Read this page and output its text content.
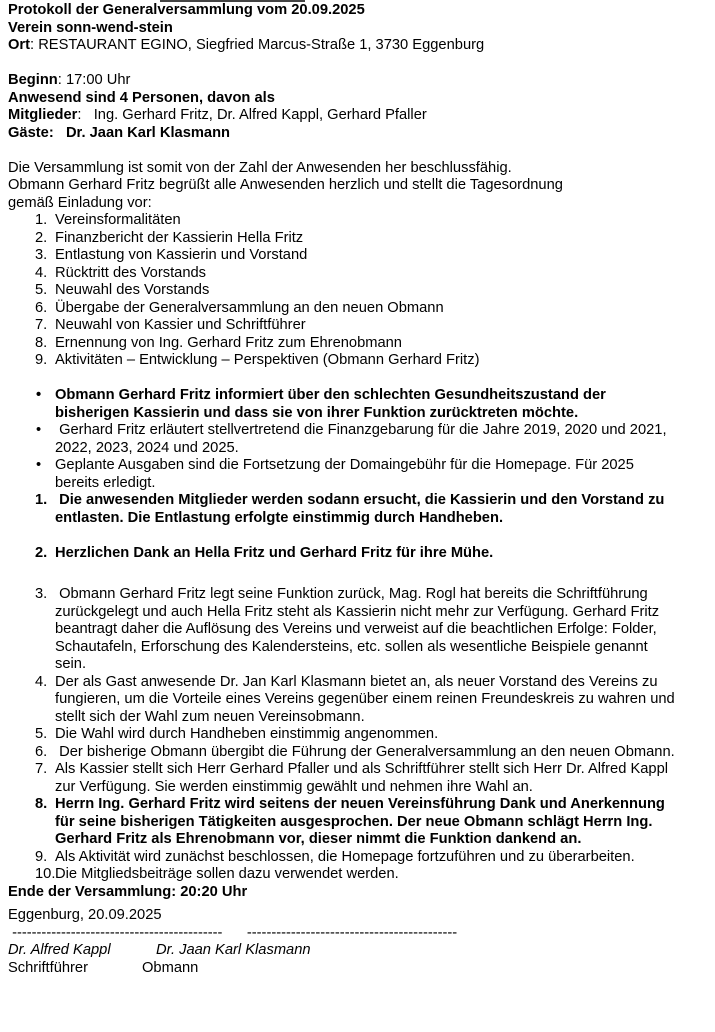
Protokoll der Generalversammlung vom 20.09.2025

Verein sonn-wend-stein

Ort: RESTAURANT EGINO, Siegfried Marcus-Straße 1, 3730 Eggenburg

Beginn: 17:00 Uhr

Anwesend sind 4 Personen, davon als

Mitglieder:   Ing. Gerhard Fritz, Dr. Alfred Kappl, Gerhard Pfaller

Gäste:   Dr. Jaan Karl Klasmann

Die Versammlung ist somit von der Zahl der Anwesenden her beschlussfähig.

Obmann Gerhard Fritz begrüßt alle Anwesenden herzlich und stellt die Tagesordnung

gemäß Einladung vor:

Vereinsformalitäten
Finanzbericht der Kassierin Hella Fritz
Entlastung von Kassierin und Vorstand
Rücktritt des Vorstands
Neuwahl des Vorstands
Übergabe der Generalversammlung an den neuen Obmann
Neuwahl von Kassier und Schriftführer
Ernennung von Ing. Gerhard Fritz zum Ehrenobmann
Aktivitäten – Entwicklung – Perspektiven (Obmann Gerhard Fritz)
• Obmann Gerhard Fritz informiert über den schlechten Gesundheitszustand der bisherigen Kassierin und dass sie von ihrer Funktion zurücktreten möchte.
•  Gerhard Fritz erläutert stellvertretend die Finanzgebarung für die Jahre 2019, 2020 und 2021, 2022, 2023, 2024 und 2025.
• Geplante Ausgaben sind die Fortsetzung der Domaingebühr für die Homepage. Für 2025 bereits erledigt.
Die anwesenden Mitglieder werden sodann ersucht, die Kassierin und den Vorstand zu entlasten. Die Entlastung erfolgte einstimmig durch Handheben.
Herzlichen Dank an Hella Fritz und Gerhard Fritz für ihre Mühe.
Obmann Gerhard Fritz legt seine Funktion zurück, Mag. Rogl hat bereits die Schriftführung zurückgelegt und auch Hella Fritz steht als Kassierin nicht mehr zur Verfügung. Gerhard Fritz beantragt daher die Auflösung des Vereins und verweist auf die beachtlichen Erfolge: Folder, Schautafeln, Erforschung des Kalendersteins, etc. sollen als wesentliche Beispiele genannt sein.
Der als Gast anwesende Dr. Jan Karl Klasmann bietet an, als neuer Vorstand des Vereins zu fungieren, um die Vorteile eines Vereins gegenüber einem reinen Freundeskreis zu wahren und stellt sich der Wahl zum neuen Vereinsobmann.
Die Wahl wird durch Handheben einstimmig angenommen.
Der bisherige Obmann übergibt die Führung der Generalversammlung an den neuen Obmann.
Als Kassier stellt sich Herr Gerhard Pfaller und als Schriftführer stellt sich Herr Dr. Alfred Kappl zur Verfügung. Sie werden einstimmig gewählt und nehmen ihre Wahl an.
Herrn Ing. Gerhard Fritz wird seitens der neuen Vereinsführung Dank und Anerkennung für seine bisherigen Tätigkeiten ausgesprochen. Der neue Obmann schlägt Herrn Ing. Gerhard Fritz als Ehrenobmann vor, dieser nimmt die Funktion dankend an.
Als Aktivität wird zunächst beschlossen, die Homepage fortzuführen und zu überarbeiten.
Die Mitgliedsbeiträge sollen dazu verwendet werden.

Ende der Versammlung: 20:20 Uhr

Eggenburg, 20.09.2025

-------------------------------------------      -------------------------------------------

Dr. Alfred Kappl	Dr. Jaan Karl Klasmann
Schriftführer	Obmann
